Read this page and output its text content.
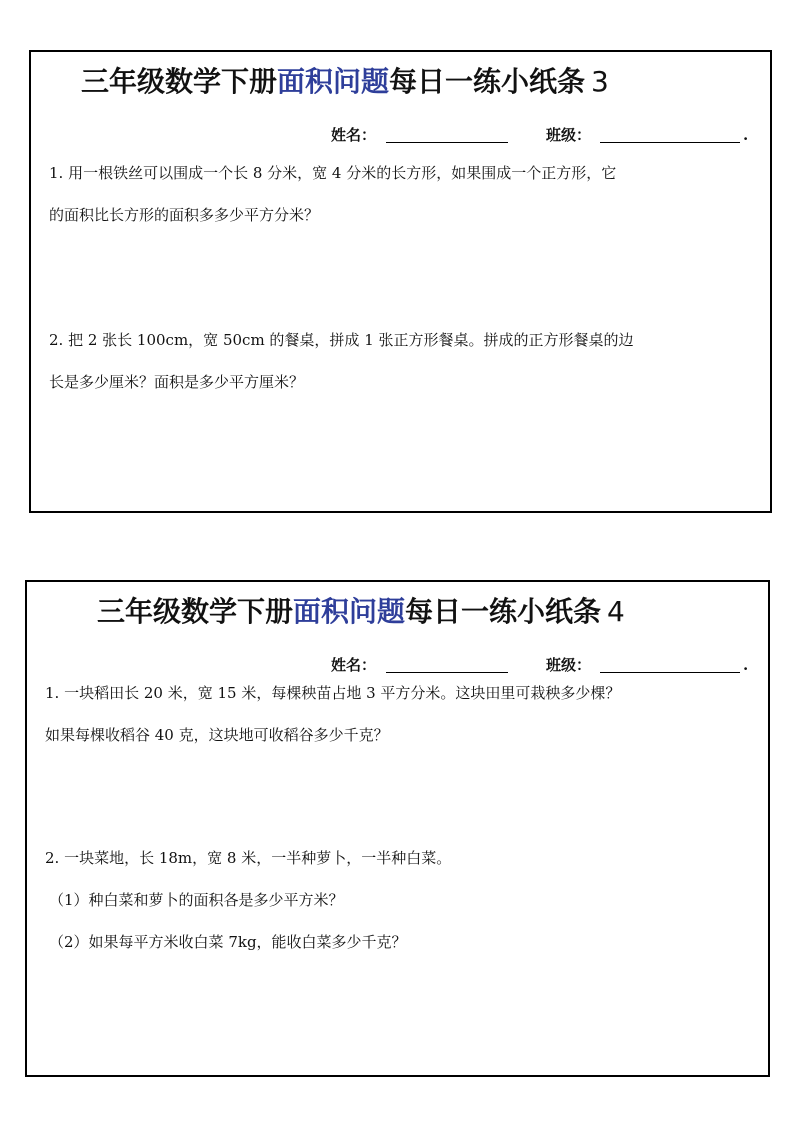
三年级数学下册面积问题每日一练小纸条 3
姓名：	班级：	.
1. 用一根铁丝可以围成一个长 8 分米，宽 4 分米的长方形，如果围成一个正方形，它
的面积比长方形的面积多多少平方分米？
2. 把 2 张长 100cm，宽 50cm 的餐桌，拼成 1 张正方形餐桌。拼成的正方形餐桌的边
长是多少厘米？面积是多少平方厘米？
三年级数学下册面积问题每日一练小纸条 4
姓名：	班级：	.
1. 一块稻田长 20 米，宽 15 米，每棵秧苗占地 3 平方分米。这块田里可栽秧多少棵？
如果每棵收稻谷 40 克，这块地可收稻谷多少千克？
2. 一块菜地，长 18m，宽 8 米，一半种萝卜，一半种白菜。
（1）种白菜和萝卜的面积各是多少平方米？
（2）如果每平方米收白菜 7kg，能收白菜多少千克？
